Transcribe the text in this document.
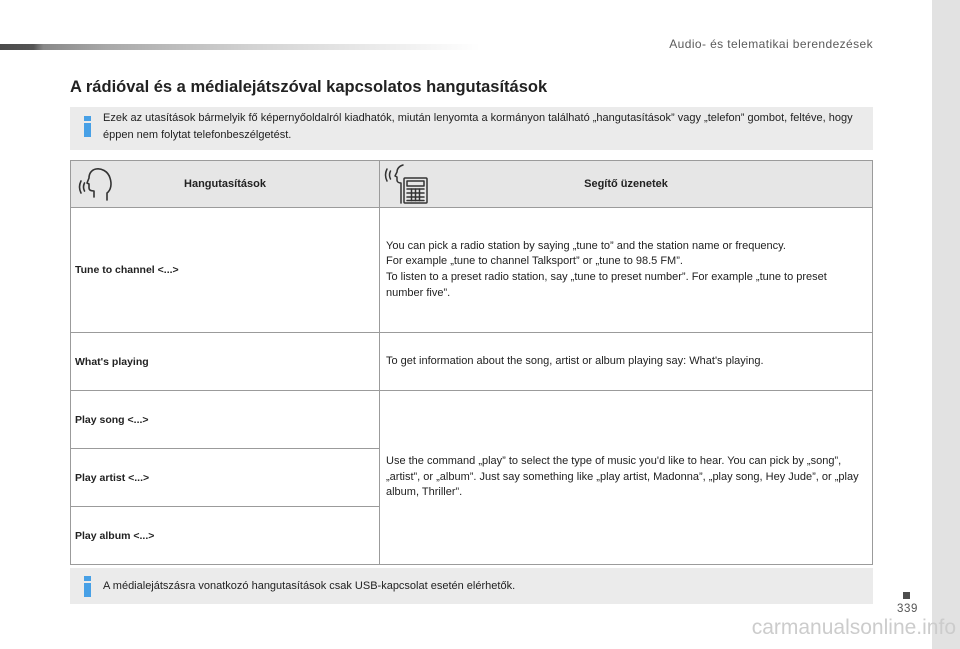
Audio- és telematikai berendezések
A rádióval és a médialejátszóval kapcsolatos hangutasítások
Ezek az utasítások bármelyik fő képernyőoldalról kiadhatók, miután lenyomta a kormányon található „hangutasítások” vagy „telefon” gombot, feltéve, hogy éppen nem folytat telefonbeszélgetést.
Hangutasítások	Segítő üzenetek
Tune to channel <...>
You can pick a radio station by saying „tune to” and the station name or frequency.
For example „tune to channel Talksport” or „tune to 98.5 FM”.
To listen to a preset radio station, say „tune to preset number”. For example „tune to preset number five”.
What's playing	To get information about the song, artist or album playing say: What's playing.
Play song <...>
Use the command „play” to select the type of music you'd like to hear. You can pick by „song”, „artist”, or „album”. Just say something like „play artist, Madonna”, „play song, Hey Jude”, or „play album, Thriller”.
Play artist <...>
Play album <...>
A médialejátszásra vonatkozó hangutasítások csak USB-kapcsolat esetén elérhetők.
339
carmanualsonline.info
